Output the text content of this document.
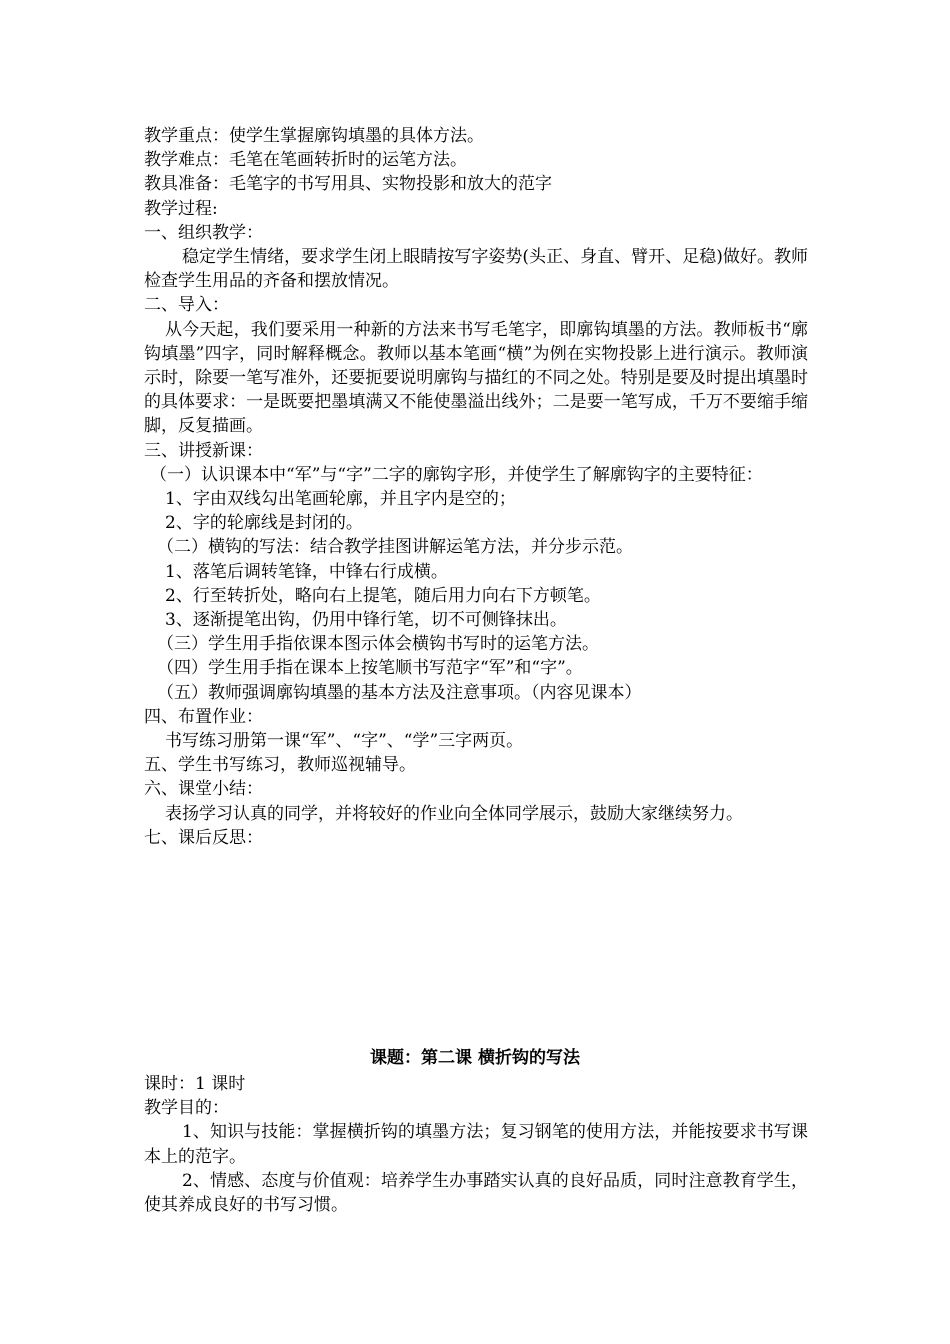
教学重点：使学生掌握廓钩填墨的具体方法。

教学难点：毛笔在笔画转折时的运笔方法。

教具准备：毛笔字的书写用具、实物投影和放大的范字

教学过程:

一、组织教学：

稳定学生情绪，要求学生闭上眼睛按写字姿势(头正、身直、臂开、足稳)做好。教师检查学生用品的齐备和摆放情况。

二、导入：

从今天起，我们要采用一种新的方法来书写毛笔字，即廓钩填墨的方法。教师板书“廓钩填墨”四字，同时解释概念。教师以基本笔画“横”为例在实物投影上进行演示。教师演示时，除要一笔写准外，还要扼要说明廓钩与描红的不同之处。特别是要及时提出填墨时的具体要求：一是既要把墨填满又不能使墨溢出线外；二是要一笔写成，千万不要缩手缩脚，反复描画。

三、讲授新课：

（一）认识课本中“军”与“字”二字的廓钩字形，并使学生了解廓钩字的主要特征：

1、字由双线勾出笔画轮廓，并且字内是空的；

2、字的轮廓线是封闭的。

（二）横钩的写法：结合教学挂图讲解运笔方法，并分步示范。

1、落笔后调转笔锋，中锋右行成横。

2、行至转折处，略向右上提笔，随后用力向右下方顿笔。

3、逐渐提笔出钩，仍用中锋行笔，切不可侧锋抹出。

（三）学生用手指依课本图示体会横钩书写时的运笔方法。

（四）学生用手指在课本上按笔顺书写范字“军”和“字”。

（五）教师强调廓钩填墨的基本方法及注意事项。（内容见课本）

四、布置作业：

书写练习册第一课“军”、“字”、“学”三字两页。

五、学生书写练习，教师巡视辅导。

六、课堂小结：

表扬学习认真的同学，并将较好的作业向全体同学展示，鼓励大家继续努力。

七、课后反思：

课题：第二课 横折钩的写法

课时：1 课时

教学目的：

1、知识与技能：掌握横折钩的填墨方法；复习钢笔的使用方法，并能按要求书写课本上的范字。

2、情感、态度与价值观：培养学生办事踏实认真的良好品质，同时注意教育学生，使其养成良好的书写习惯。
